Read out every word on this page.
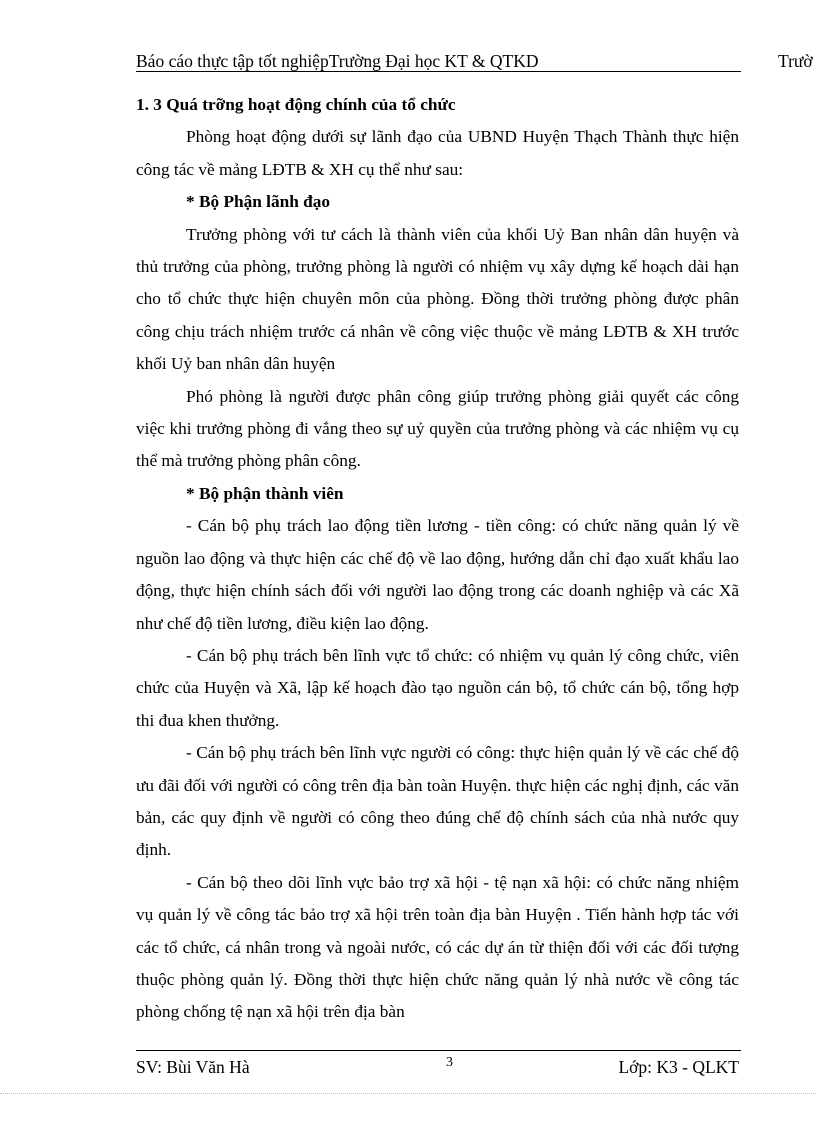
Báo cáo thực tập tốt nghiệpTrường Đại học KT & QTKD	Trườ

1. 3 Quá trỡng hoạt động chính của tổ chức

Phòng hoạt động dưới sự lãnh đạo của UBND Huyện Thạch Thành thực hiện công tác về mảng LĐTB & XH cụ thể như sau:

* Bộ Phận lãnh đạo

Trưởng phòng với tư cách là thành viên của khối Uỷ Ban nhân dân huyện và thủ trưởng của phòng, trưởng phòng là người có nhiệm vụ xây dựng kế hoạch dài hạn cho tổ chức thực hiện chuyên môn của phòng. Đồng thời trưởng phòng được phân công chịu trách nhiệm trước cá nhân về công việc thuộc về mảng LĐTB & XH trước khối Uỷ ban nhân dân huyện

Phó phòng là người được phân công giúp trưởng phòng giải quyết các công việc khi trưởng phòng đi vắng theo sự uỷ quyền của trưởng phòng và các nhiệm vụ cụ thể mà trưởng phòng phân công.

* Bộ phận thành viên

- Cán bộ phụ trách lao động tiền lương - tiền công: có chức năng quản lý về nguồn lao động và thực hiện các chế độ về lao động, hướng dẫn chỉ đạo xuất khẩu lao động, thực hiện chính sách đối với người lao động trong các doanh nghiệp và các Xã như chế độ tiền lương, điều kiện lao động.

- Cán bộ phụ trách bên lĩnh vực tổ chức: có nhiệm vụ quản lý công chức, viên chức của Huyện và Xã, lập kế hoạch đào tạo nguồn cán bộ, tổ chức cán bộ, tổng hợp thi đua khen thưởng.

- Cán bộ phụ trách bên lĩnh vực người có công: thực hiện quản lý về các chế độ ưu đãi đối với người có công trên địa bàn toàn Huyện. thực hiện các nghị định, các văn bản, các quy định về người có công theo đúng chế độ chính sách của nhà nước quy định.

- Cán bộ theo dõi lĩnh vực bảo trợ xã hội - tệ nạn xã hội: có chức năng nhiệm vụ quản lý về công tác bảo trợ xã hội trên toàn địa bàn Huyện . Tiến hành hợp tác với các tổ chức, cá nhân trong và ngoài nước, có các dự án từ thiện đối với các đối tượng thuộc phòng quản lý. Đồng thời thực hiện chức năng quản lý nhà nước về công tác phòng chống tệ nạn xã hội trên địa bàn

SV: Bùi Văn Hà	3	Lớp: K3 - QLKT
